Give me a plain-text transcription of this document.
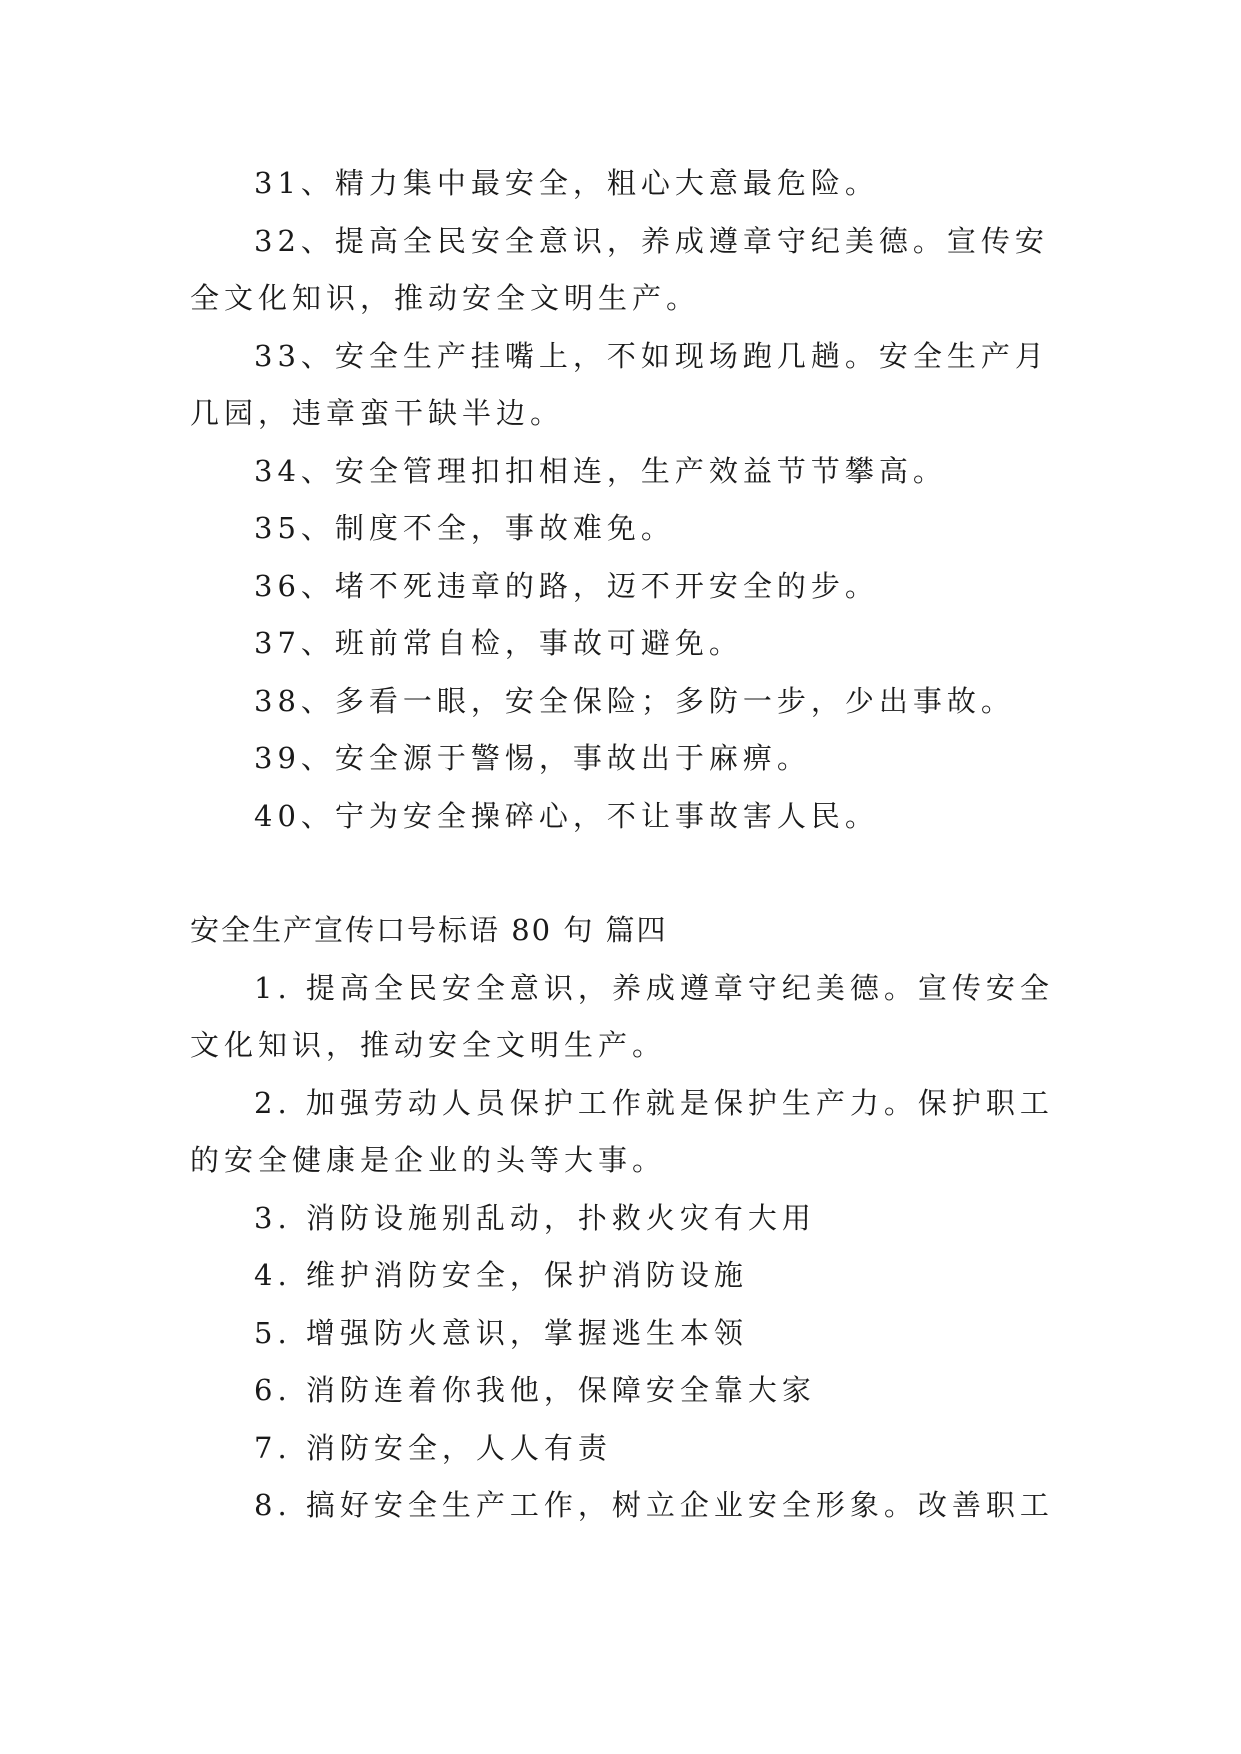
31、精力集中最安全，粗心大意最危险。

32、提高全民安全意识，养成遵章守纪美德。宣传安全文化知识，推动安全文明生产。

33、安全生产挂嘴上，不如现场跑几趟。安全生产月几园，违章蛮干缺半边。

34、安全管理扣扣相连，生产效益节节攀高。

35、制度不全，事故难免。

36、堵不死违章的路，迈不开安全的步。

37、班前常自检，事故可避免。

38、多看一眼，安全保险；多防一步，少出事故。

39、安全源于警惕，事故出于麻痹。

40、宁为安全操碎心，不让事故害人民。

安全生产宣传口号标语 80 句 篇四

1. 提高全民安全意识，养成遵章守纪美德。宣传安全文化知识，推动安全文明生产。

2. 加强劳动人员保护工作就是保护生产力。保护职工的安全健康是企业的头等大事。

3. 消防设施别乱动，扑救火灾有大用

4. 维护消防安全，保护消防设施

5. 增强防火意识，掌握逃生本领

6. 消防连着你我他，保障安全靠大家

7. 消防安全，人人有责

8. 搞好安全生产工作，树立企业安全形象。改善职工
